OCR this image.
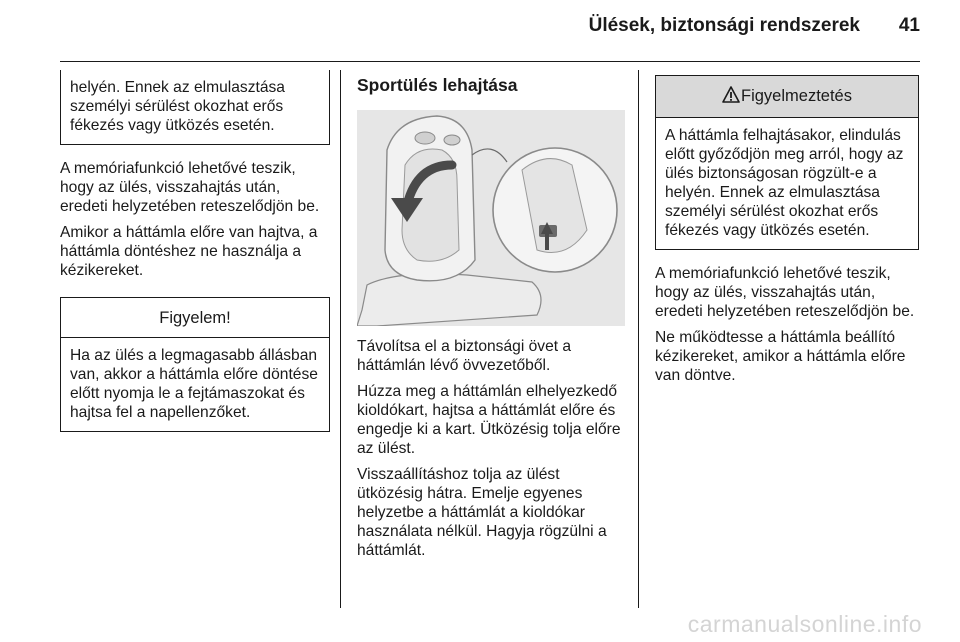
Ülések, biztonsági rendszerek 41
helyén. Ennek az elmulasztása személyi sérülést okozhat erős fékezés vagy ütközés esetén.

A memóriafunkció lehetővé teszik, hogy az ülés, visszahajtás után, eredeti helyzetében reteszelődjön be.

Amikor a háttámla előre van hajtva, a háttámla döntéshez ne használja a kézikereket.

Figyelem!
Ha az ülés a legmagasabb állásban van, akkor a háttámla előre döntése előtt nyomja le a fejtámaszokat és hajtsa fel a napellenzőket.
Sportülés lehajtása

Távolítsa el a biztonsági övet a háttámlán lévő övvezetőből.

Húzza meg a háttámlán elhelyezkedő kioldókart, hajtsa a háttámlát előre és engedje ki a kart. Ütközésig tolja előre az ülést.

Visszaállításhoz tolja az ülést ütközésig hátra. Emelje egyenes helyzetbe a háttámlát a kioldókar használata nélkül. Hagyja rögzülni a háttámlát.

Figyelmeztetés
A háttámla felhajtásakor, elindulás előtt győződjön meg arról, hogy az ülés biztonságosan rögzült-e a helyén. Ennek az elmulasztása személyi sérülést okozhat erős fékezés vagy ütközés esetén.

A memóriafunkció lehetővé teszik, hogy az ülés, visszahajtás után, eredeti helyzetében reteszelődjön be.

Ne működtesse a háttámla beállító kézikereket, amikor a háttámla előre van döntve.

carmanualsonline.info
